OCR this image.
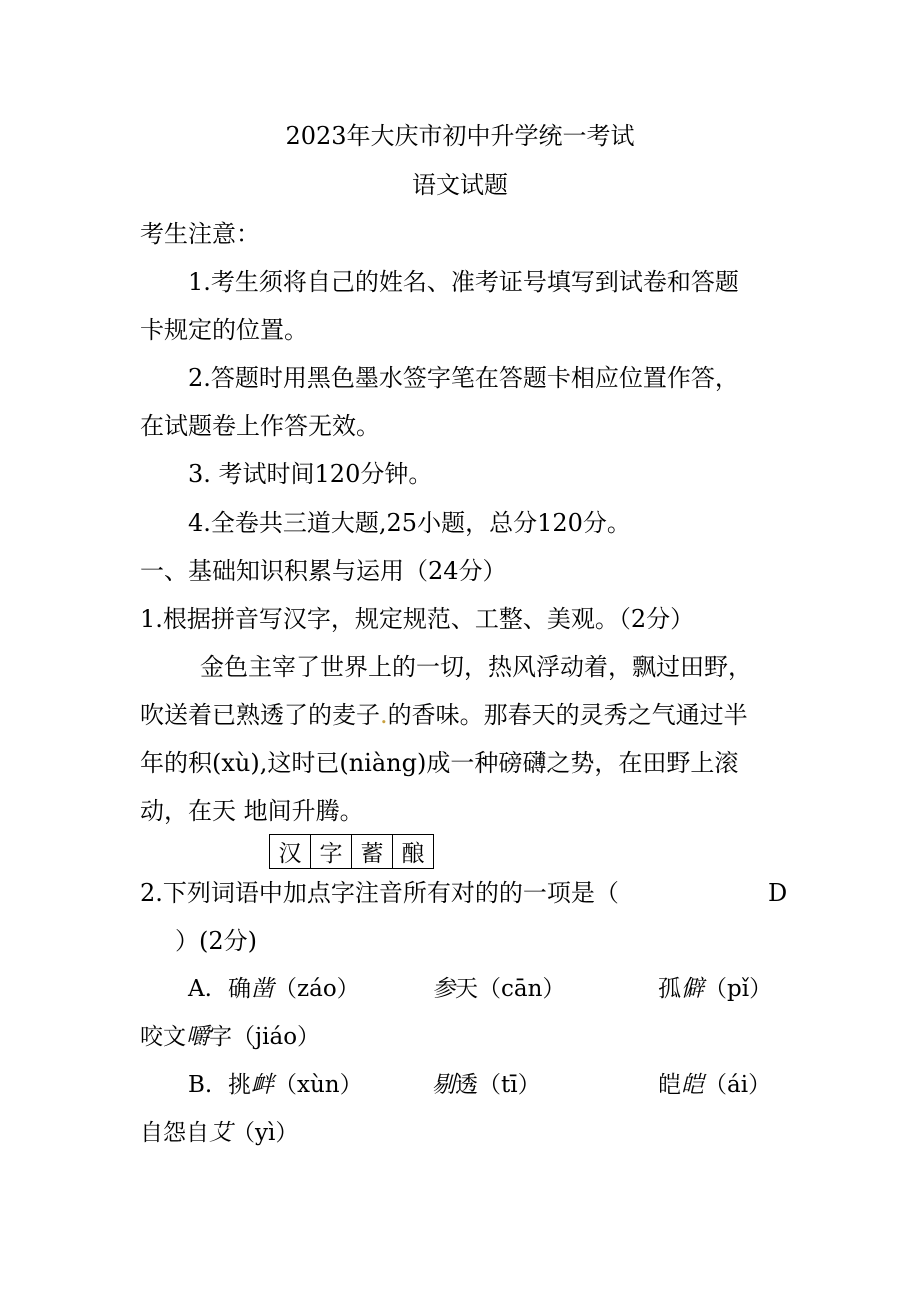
2023年大庆市初中升学统一考试
语文试题
考生注意：
1.考生须将自己的姓名、准考证号填写到试卷和答题
卡规定的位置。
2.答题时用黑色墨水签字笔在答题卡相应位置作答，
在试题卷上作答无效。
3. 考试时间120分钟。
4.全卷共三道大题,25小题，总分120分。
一、基础知识积累与运用（24分）
1.根据拼音写汉字，规定规范、工整、美观。（2分）
金色主宰了世界上的一切，热风浮动着，飘过田野，
吹送着已熟透了的麦子.的香味。那春天的灵秀之气通过半
年的积(xù),这时已(niàng)成一种磅礴之势，在田野上滚
动，在天 地间升腾。
汉	字	蓄	酿
2.下列词语中加点字注音所有对的的一项是（	D
）(2分)
A. 确凿（záo）	参天（cān）	孤僻（pǐ）
咬文嚼字（jiáo）
B. 挑衅（xùn）	剔透（tī）	皑皑（ái）
自怨自艾（yì）
